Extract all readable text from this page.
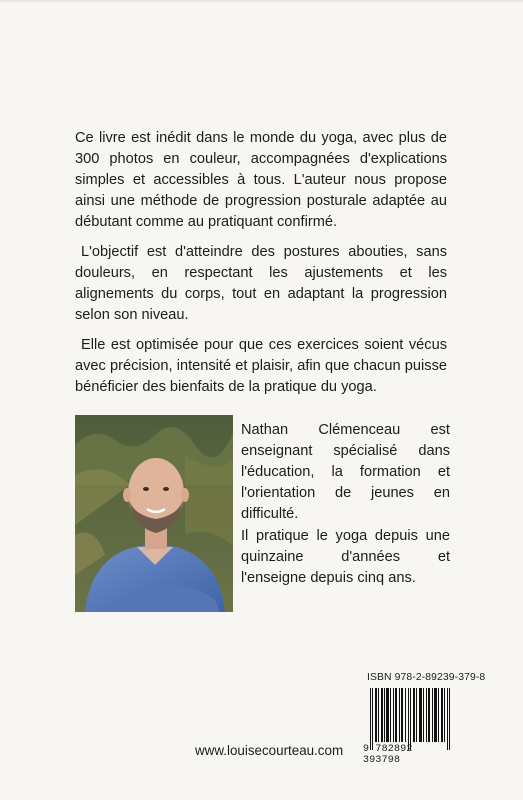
Ce livre est inédit dans le monde du yoga, avec plus de 300 photos en couleur, accompagnées d'explications simples et accessibles à tous. L'auteur nous propose ainsi une méthode de progression posturale adaptée au débutant comme au pratiquant confirmé.

L'objectif est d'atteindre des postures abouties, sans douleurs, en respectant les ajustements et les alignements du corps, tout en adaptant la progression selon son niveau.

Elle est optimisée pour que ces exercices soient vécus avec précision, intensité et plaisir, afin que chacun puisse bénéficier des bienfaits de la pratique du yoga.

Nathan Clémenceau est enseignant spécialisé dans l'éducation, la formation et l'orientation de jeunes en difficulté.

Il pratique le yoga depuis une quinzaine d'années et l'enseigne depuis cinq ans.

ISBN 978-2-89239-379-8
9 782892 393798
www.louisecourteau.com
